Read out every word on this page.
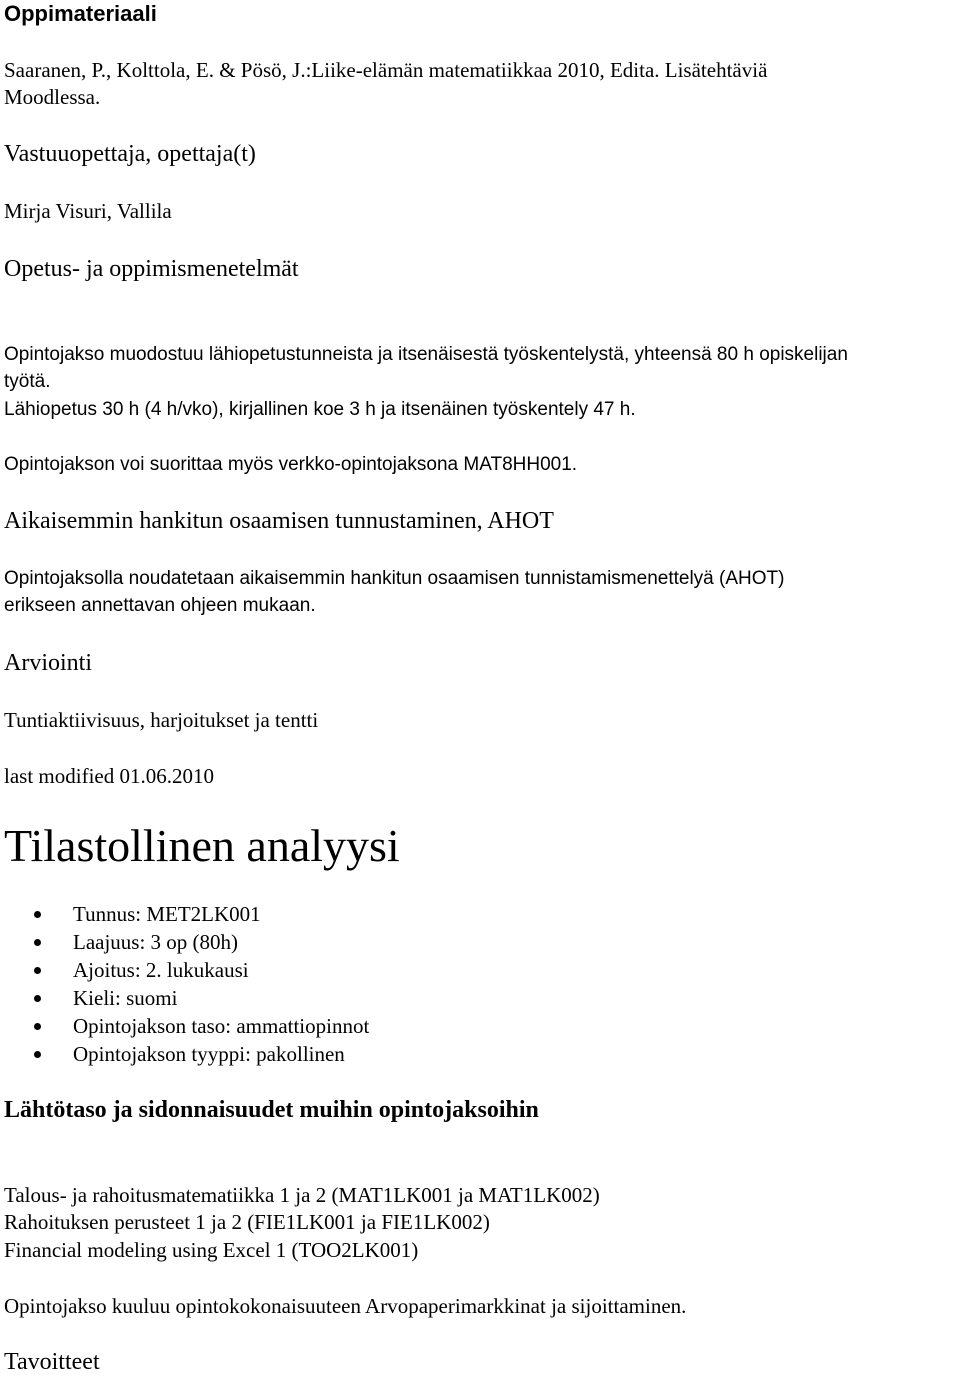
Oppimateriaali
Saaranen, P., Kolttola, E. & Pösö, J.:Liike-elämän matematiikkaa 2010, Edita. Lisätehtäviä
Moodlessa.
Vastuuopettaja, opettaja(t)
Mirja Visuri, Vallila
Opetus- ja oppimismenetelmät
Opintojakso muodostuu lähiopetustunneista ja itsenäisestä työskentelystä, yhteensä 80 h opiskelijan
työtä.
Lähiopetus 30 h (4 h/vko), kirjallinen koe 3 h ja itsenäinen työskentely 47 h.
Opintojakson voi suorittaa myös verkko-opintojaksona MAT8HH001.
Aikaisemmin hankitun osaamisen tunnustaminen, AHOT
Opintojaksolla noudatetaan aikaisemmin hankitun osaamisen tunnistamismenettelyä (AHOT)
erikseen annettavan ohjeen mukaan.
Arviointi
Tuntiaktiivisuus, harjoitukset ja tentti
last modified 01.06.2010
Tilastollinen analyysi
Tunnus: MET2LK001
Laajuus: 3 op (80h)
Ajoitus: 2. lukukausi
Kieli: suomi
Opintojakson taso: ammattiopinnot
Opintojakson tyyppi: pakollinen
Lähtötaso ja sidonnaisuudet muihin opintojaksoihin
Talous- ja rahoitusmatematiikka 1 ja 2 (MAT1LK001 ja MAT1LK002)
Rahoituksen perusteet 1 ja 2 (FIE1LK001 ja FIE1LK002)
Financial modeling using Excel 1 (TOO2LK001)
Opintojakso kuuluu opintokokonaisuuteen Arvopaperimarkkinat ja sijoittaminen.
Tavoitteet
